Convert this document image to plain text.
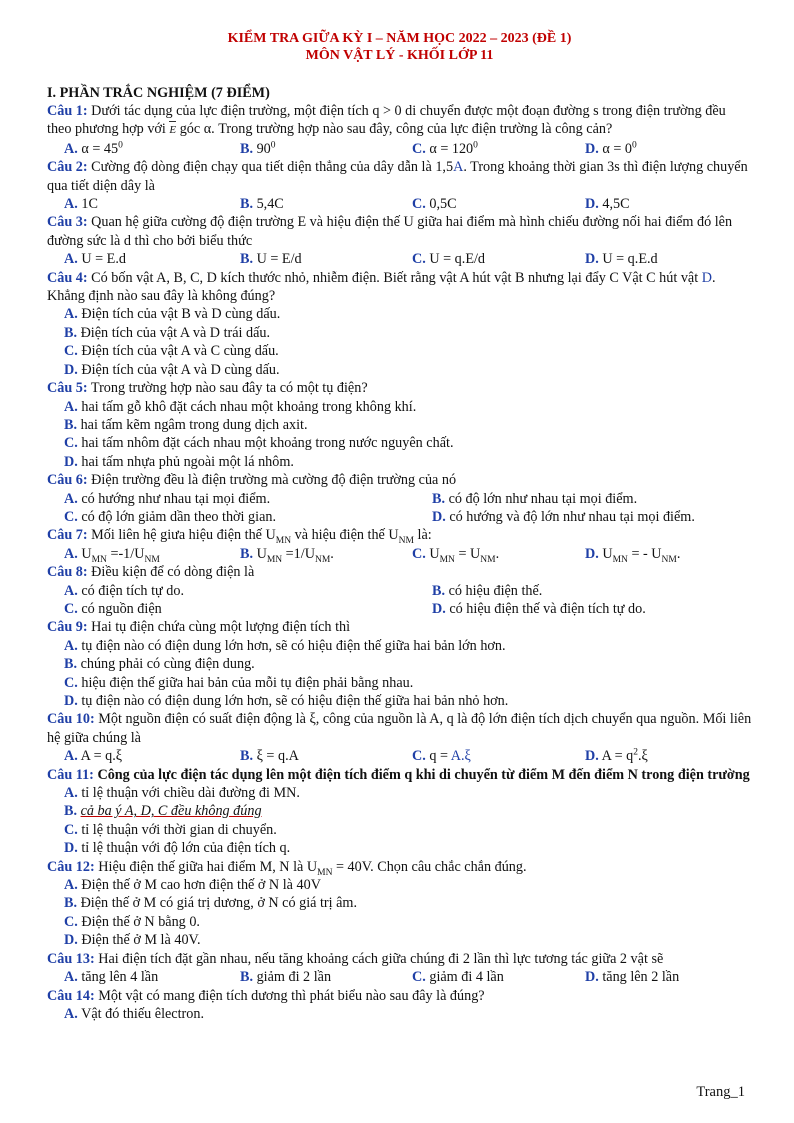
KIỂM TRA GIỮA KỲ I – NĂM HỌC 2022 – 2023 (ĐỀ 1)
MÔN VẬT LÝ - KHỐI LỚP 11
I. PHẦN TRẮC NGHIỆM (7 ĐIỂM)
Câu 1: Dưới tác dụng của lực điện trường, một điện tích q > 0 di chuyển được một đoạn đường s trong điện trường đều theo phương hợp với E góc α. Trong trường hợp nào sau đây, công của lực điện trường là công cản?
A. $\alpha = 45^0$	B. $90^0$	C. $\alpha = 120^0$	D. $\alpha = 0^0$
Câu 2: Cường độ dòng điện chạy qua tiết diện thẳng của dây dẫn là 1,5A. Trong khoảng thời gian 3s thì điện lượng chuyển qua tiết diện dây là
A. 1C	B. 5,4C	C. 0,5C	D. 4,5C
Câu 3: Quan hệ giữa cường độ điện trường E và hiệu điện thế U giữa hai điểm mà hình chiếu đường nối hai điểm đó lên đường sức là d thì cho bởi biểu thức
A. U = E.d	B. U = E/d	C. U = q.E/d	D. U = q.E.d
Câu 4: Có bốn vật A, B, C, D kích thước nhỏ, nhiễm điện. Biết rằng vật A hút vật B nhưng lại đẩy C Vật C hút vật D. Khẳng định nào sau đây là không đúng?
A. Điện tích của vật B và D cùng dấu.
B. Điện tích của vật A và D trái dấu.
C. Điện tích của vật A và C cùng dấu.
D. Điện tích của vật A và D cùng dấu.
Câu 5: Trong trường hợp nào sau đây ta có một tụ điện?
A. hai tấm gỗ khô đặt cách nhau một khoảng trong không khí.
B. hai tấm kẽm ngâm trong dung dịch axit.
C. hai tấm nhôm đặt cách nhau một khoảng trong nước nguyên chất.
D. hai tấm nhựa phủ ngoài một lá nhôm.
Câu 6: Điện trường đều là điện trường mà cường độ điện trường của nó
A. có hướng như nhau tại mọi điểm.	B. có độ lớn như nhau tại mọi điểm.
C. có độ lớn giảm dần theo thời gian.	D. có hướng và độ lớn như nhau tại mọi điểm.
Câu 7: Mối liên hệ giưa hiệu điện thế $U_{MN}$ và hiệu điện thế $U_{NM}$ là:
A. $U_{MN} =-1/U_{NM}$	B. $U_{MN} =1/U_{NM}$.	C. $U_{MN} = U_{NM}$.	D. $U_{MN}$ = - $U_{NM}$.
Câu 8: Điều kiện để có dòng điện là
A. có điện tích tự do.	B. có hiệu điện thế.
C. có nguồn điện	D. có hiệu điện thế và điện tích tự do.
Câu 9: Hai tụ điện chứa cùng một lượng điện tích thì
A. tụ điện nào có điện dung lớn hơn, sẽ có hiệu điện thế giữa hai bản lớn hơn.
B. chúng phải có cùng điện dung.
C. hiệu điện thế giữa hai bản của mỗi tụ điện phải bằng nhau.
D. tụ điện nào có điện dung lớn hơn, sẽ có hiệu điện thế giữa hai bản nhỏ hơn.
Câu 10: Một nguồn điện có suất điện động là ξ, công của nguồn là A, q là độ lớn điện tích dịch chuyển qua nguồn. Mối liên hệ giữa chúng là
A. A = q.ξ	B. ξ = q.A	C. q = A.ξ	D. $A = q^2.\xi$
Câu 11: Công của lực điện tác dụng lên một điện tích điểm q khi di chuyển từ điểm M đến điểm N trong điện trường
A. tỉ lệ thuận với chiều dài đường đi MN.
B. cả ba ý A, D, C đều không đúng
C. tỉ lệ thuận với thời gian di chuyển.
D. tỉ lệ thuận với độ lớn của điện tích q.
Câu 12: Hiệu điện thế giữa hai điểm M, N là $U_{MN} = 40V$. Chọn câu chắc chắn đúng.
A. Điện thế ở M cao hơn điện thế ở N là 40V
B. Điện thế ở M có giá trị dương, ở N có giá trị âm.
C. Điện thế ở N bằng 0.
D. Điện thế ở M là 40V.
Câu 13: Hai điện tích đặt gần nhau, nếu tăng khoảng cách giữa chúng đi 2 lần thì lực tương tác giữa 2 vật sẽ
A. tăng lên 4 lần	B. giảm đi 2 lần	C. giảm đi 4 lần	D. tăng lên 2 lần
Câu 14: Một vật có mang điện tích dương thì phát biểu nào sau đây là đúng?
A. Vật đó thiếu êlectron.
Trang_1
